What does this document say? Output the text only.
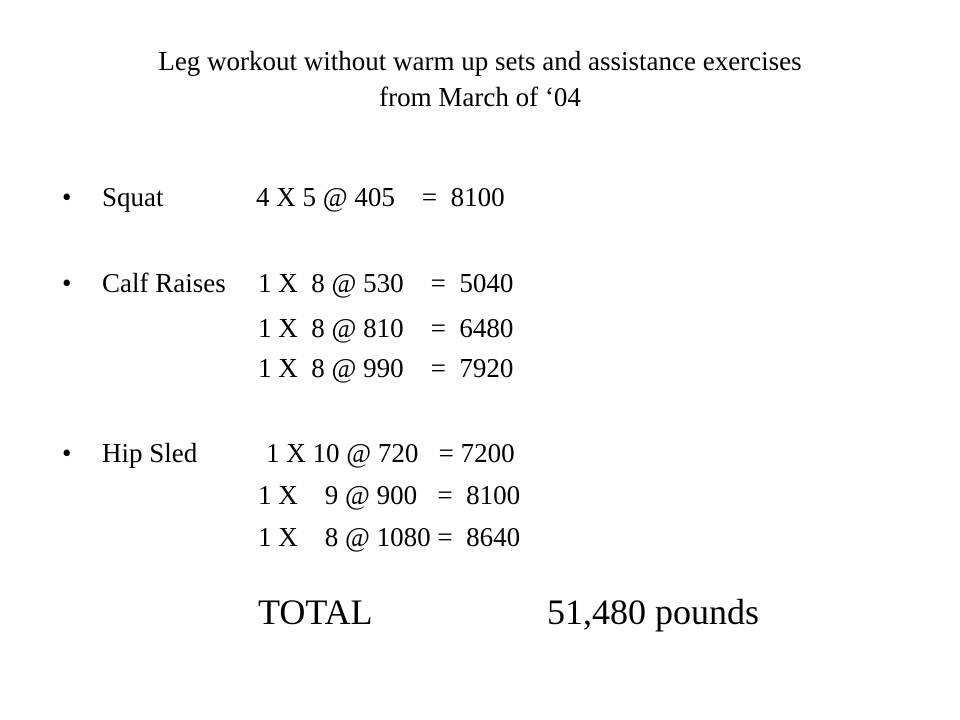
Leg workout without warm up sets and assistance exercises
from March of ‘04
• Squat	4 X 5 @ 405    =  8100
• Calf Raises 1 X  8 @ 530    =  5040
1 X  8 @ 810    =  6480
1 X  8 @ 990    =  7920
• Hip Sled	1 X 10 @ 720   = 7200
1 X    9 @ 900   =  8100
1 X    8 @ 1080 =  8640
TOTAL	51,480 pounds
